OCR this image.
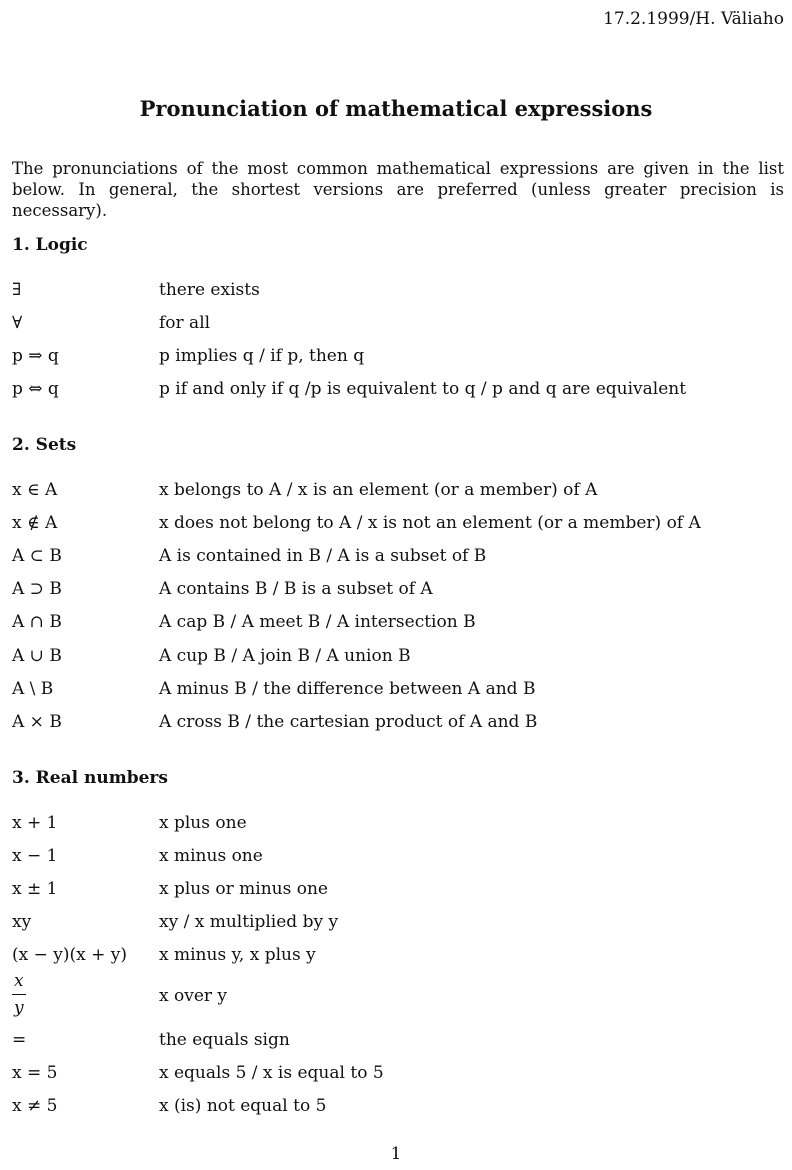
17.2.1999/H. Väliaho
Pronunciation of mathematical expressions
The pronunciations of the most common mathematical expressions are given in the list below. In general, the shortest versions are preferred (unless greater precision is necessary).
1. Logic
∃	there exists
∀	for all
p ⇒ q	p implies q / if p, then q
p ⇔ q	p if and only if q /p is equivalent to q / p and q are equivalent
2. Sets
x ∈ A	x belongs to A / x is an element (or a member) of A
x ∉ A	x does not belong to A / x is not an element (or a member) of A
A ⊂ B	A is contained in B / A is a subset of B
A ⊃ B	A contains B / B is a subset of A
A ∩ B	A cap B / A meet B / A intersection B
A ∪ B	A cup B / A join B / A union B
A \ B	A minus B / the difference between A and B
A × B	A cross B / the cartesian product of A and B
3. Real numbers
x + 1	x plus one
x − 1	x minus one
x ± 1	x plus or minus one
xy	xy / x multiplied by y
(x − y)(x + y)	x minus y, x plus y
$\frac{x}{y}$	x over y
=	the equals sign
x = 5	x equals 5 / x is equal to 5
x ≠ 5	x (is) not equal to 5
1
